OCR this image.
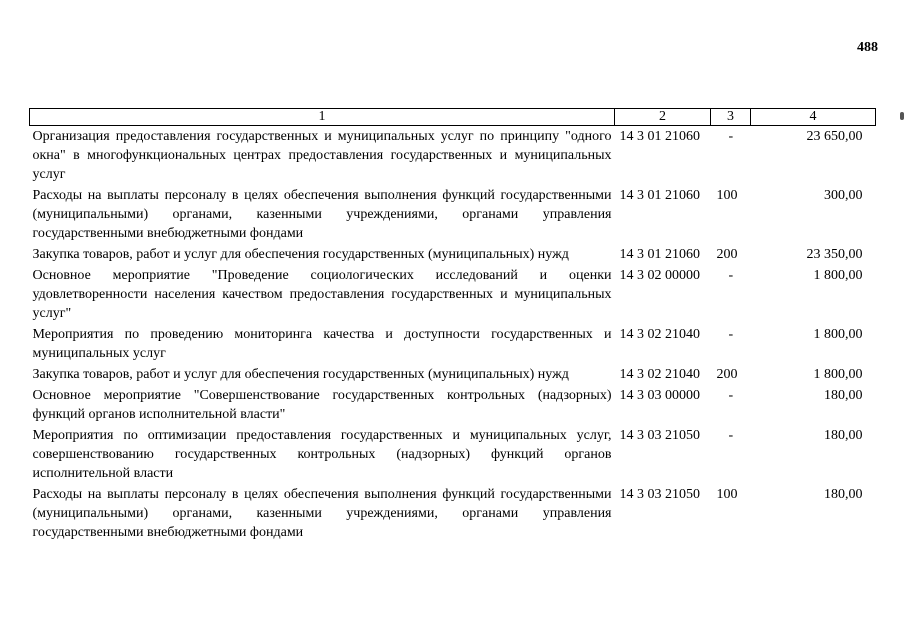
488
1	2	3	4
Организация предоставления государственных и муниципальных услуг по принципу "одного окна" в многофункциональных центрах предоставления государственных и муниципальных услуг	14 3 01 21060	-	23 650,00
Расходы на выплаты персоналу в целях обеспечения выполнения функций государственными (муниципальными) органами, казенными учреждениями, органами управления государственными внебюджетными фондами	14 3 01 21060	100	300,00
Закупка товаров, работ и услуг для обеспечения государственных (муниципальных) нужд	14 3 01 21060	200	23 350,00
Основное мероприятие "Проведение социологических исследований и оценки удовлетворенности населения качеством предоставления государственных и муниципальных услуг"	14 3 02 00000	-	1 800,00
Мероприятия по проведению мониторинга качества и доступности государственных и муниципальных услуг	14 3 02 21040	-	1 800,00
Закупка товаров, работ и услуг для обеспечения государственных (муниципальных) нужд	14 3 02 21040	200	1 800,00
Основное мероприятие "Совершенствование государственных контрольных (надзорных) функций органов исполнительной власти"	14 3 03 00000	-	180,00
Мероприятия по оптимизации предоставления государственных и муниципальных услуг, совершенствованию государственных контрольных (надзорных) функций органов исполнительной власти	14 3 03 21050	-	180,00
Расходы на выплаты персоналу в целях обеспечения выполнения функций государственными (муниципальными) органами, казенными учреждениями, органами управления государственными внебюджетными фондами	14 3 03 21050	100	180,00
